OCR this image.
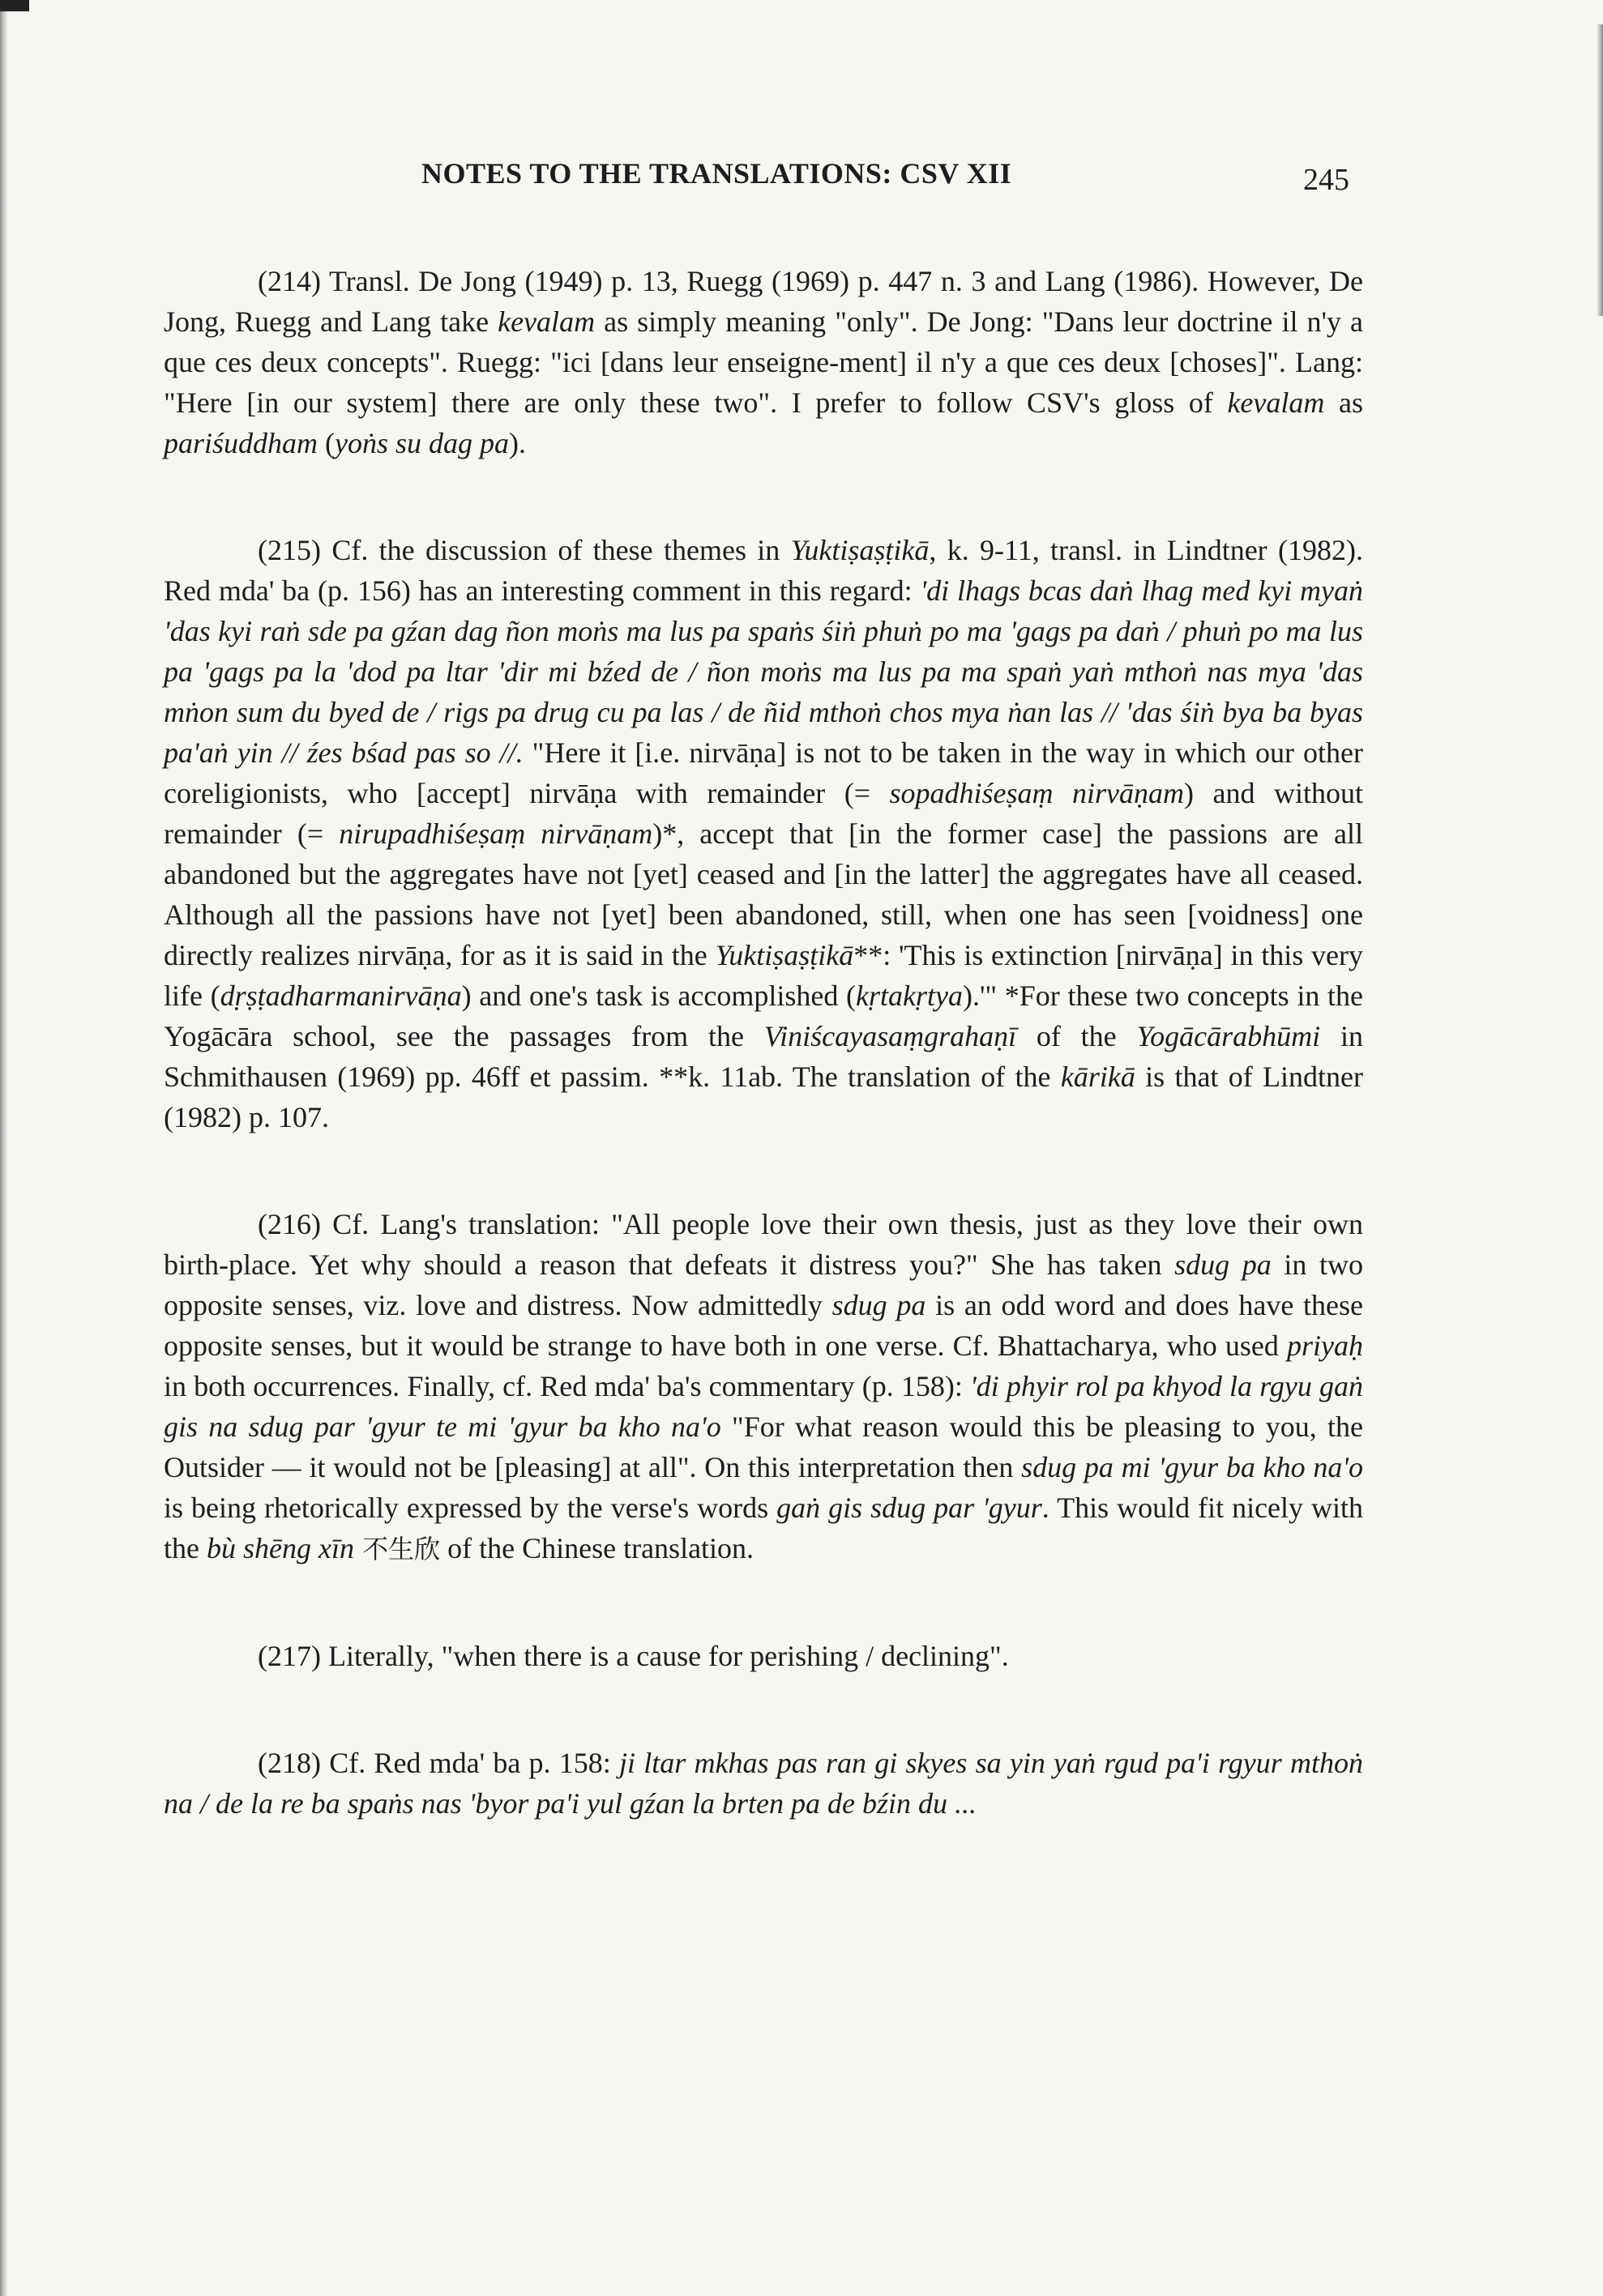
NOTES TO THE TRANSLATIONS: CSV XII	245

(214) Transl. De Jong (1949) p. 13, Ruegg (1969) p. 447 n. 3 and Lang (1986). However, De Jong, Ruegg and Lang take kevalam as simply meaning "only". De Jong: "Dans leur doctrine il n'y a que ces deux concepts". Ruegg: "ici [dans leur enseigne-ment] il n'y a que ces deux [choses]". Lang: "Here [in our system] there are only these two". I prefer to follow CSV's gloss of kevalam as pariśuddham (yoṅs su dag pa).

(215) Cf. the discussion of these themes in Yuktiṣaṣṭikā, k. 9-11, transl. in Lindtner (1982). Red mda' ba (p. 156) has an interesting comment in this regard: 'di lhags bcas daṅ lhag med kyi myaṅ 'das kyi raṅ sde pa gźan dag ñon moṅs ma lus pa spaṅs śiṅ phuṅ po ma 'gags pa daṅ / phuṅ po ma lus pa 'gags pa la 'dod pa ltar 'dir mi bźed de / ñon moṅs ma lus pa ma spaṅ yaṅ mthoṅ nas mya 'das mṅon sum du byed de / rigs pa drug cu pa las / de ñid mthoṅ chos mya ṅan las // 'das śiṅ bya ba byas pa'aṅ yin // źes bśad pas so //. "Here it [i.e. nirvāṇa] is not to be taken in the way in which our other coreligionists, who [accept] nirvāṇa with remainder (= sopadhiśeṣaṃ nirvāṇam) and without remainder (= nirupadhiśeṣaṃ nirvāṇam)*, accept that [in the former case] the passions are all abandoned but the aggregates have not [yet] ceased and [in the latter] the aggregates have all ceased. Although all the passions have not [yet] been abandoned, still, when one has seen [voidness] one directly realizes nirvāṇa, for as it is said in the Yuktiṣaṣṭikā**: 'This is extinction [nirvāṇa] in this very life (dṛṣṭadharmanirvāṇa) and one's task is accomplished (kṛtakṛtya).'" *For these two concepts in the Yogācāra school, see the passages from the Viniścayasaṃgrahaṇī of the Yogācārabhūmi in Schmithausen (1969) pp. 46ff et passim. **k. 11ab. The translation of the kārikā is that of Lindtner (1982) p. 107.

(216) Cf. Lang's translation: "All people love their own thesis, just as they love their own birth-place. Yet why should a reason that defeats it distress you?" She has taken sdug pa in two opposite senses, viz. love and distress. Now admittedly sdug pa is an odd word and does have these opposite senses, but it would be strange to have both in one verse. Cf. Bhattacharya, who used priyaḥ in both occurrences. Finally, cf. Red mda' ba's commentary (p. 158): 'di phyir rol pa khyod la rgyu gaṅ gis na sdug par 'gyur te mi 'gyur ba kho na'o "For what reason would this be pleasing to you, the Outsider — it would not be [pleasing] at all". On this interpretation then sdug pa mi 'gyur ba kho na'o is being rhetorically expressed by the verse's words gaṅ gis sdug par 'gyur. This would fit nicely with the bù shēng xīn 不生欣 of the Chinese translation.

(217) Literally, "when there is a cause for perishing / declining".

(218) Cf. Red mda' ba p. 158: ji ltar mkhas pas ran gi skyes sa yin yaṅ rgud pa'i rgyur mthoṅ na / de la re ba spaṅs nas 'byor pa'i yul gźan la brten pa de bźin du ...
